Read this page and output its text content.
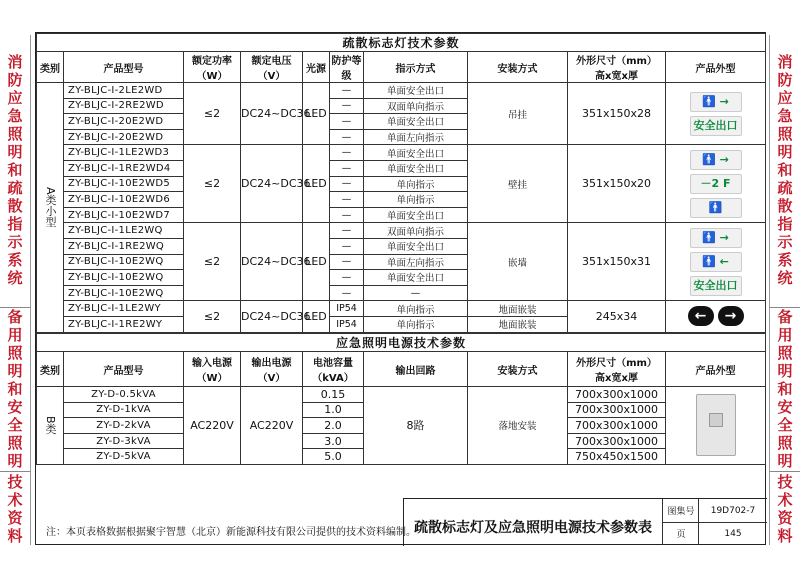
消
防
应
急
照
明
和
疏
散
指
示
系
统
备
用
照
明
和
安
全
照
明
技
术
资
料
消
防
应
急
照
明
和
疏
散
指
示
系
统
备
用
照
明
和
安
全
照
明
技
术
资
料
疏散标志灯技术参数									
类别	产品型号	额定功率
（W）	额定电压
（V）	光源	防护等级	指示方式	安装方式	外形尺寸（mm）
高x宽x厚	产品外型
A类小型	ZY-BLJC-I-2LE2WD	≤2	DC24~DC36	LED	—	单面安全出口	吊挂	351x150x28	🚹 →
安全出口

	ZY-BLJC-I-2RE2WD				—	双面单向指示			
	ZY-BLJC-I-20E2WD				—	单面安全出口			
	ZY-BLJC-I-20E2WD				—	单面左向指示			
	ZY-BLJC-I-1LE2WD3	≤2	DC24~DC36	LED	—	单面安全出口	壁挂	351x150x20	🚹 →
－2 F
🚹

	ZY-BLJC-I-1RE2WD4				—	单面安全出口			
	ZY-BLJC-I-10E2WD5				—	单向指示			
	ZY-BLJC-I-10E2WD6				—	单向指示			
	ZY-BLJC-I-10E2WD7				—	单面安全出口			
	ZY-BLJC-I-1LE2WQ	≤2	DC24~DC36	LED	—	双面单向指示	嵌墙	351x150x31	🚹 →
🚹 ←
安全出口

	ZY-BLJC-I-1RE2WQ				—	单面安全出口			
	ZY-BLJC-I-10E2WQ				—	单面左向指示			
	ZY-BLJC-I-10E2WQ				—	单面安全出口			
	ZY-BLJC-I-10E2WQ				—	—			
	ZY-BLJC-I-1LE2WY	≤2	DC24~DC36	LED	IP54	单向指示	地面嵌装	245x34	← →
	ZY-BLJC-I-1RE2WY				IP54	单向指示	地面嵌装		
应急照明电源技术参数								
类别	产品型号	输入电源
（W）	输出电源
（V）	电池容量
（kVA）	输出回路	安装方式	外形尺寸（mm）
高x宽x厚	产品外型
B类	ZY-D-0.5kVA	AC220V	AC220V	0.15	8路	落地安装	700x300x1000	

	ZY-D-1kVA			1.0			700x300x1000	
	ZY-D-2kVA			2.0			700x300x1000	
	ZY-D-3kVA			3.0			700x300x1000	
	ZY-D-5kVA			5.0			750x450x1500	
注：本页表格数据根据聚宇智慧（北京）新能源科技有限公司提供的技术资料编制。
疏散标志灯及应急照明电源技术参数表
图集号	19D702-7
页	145
